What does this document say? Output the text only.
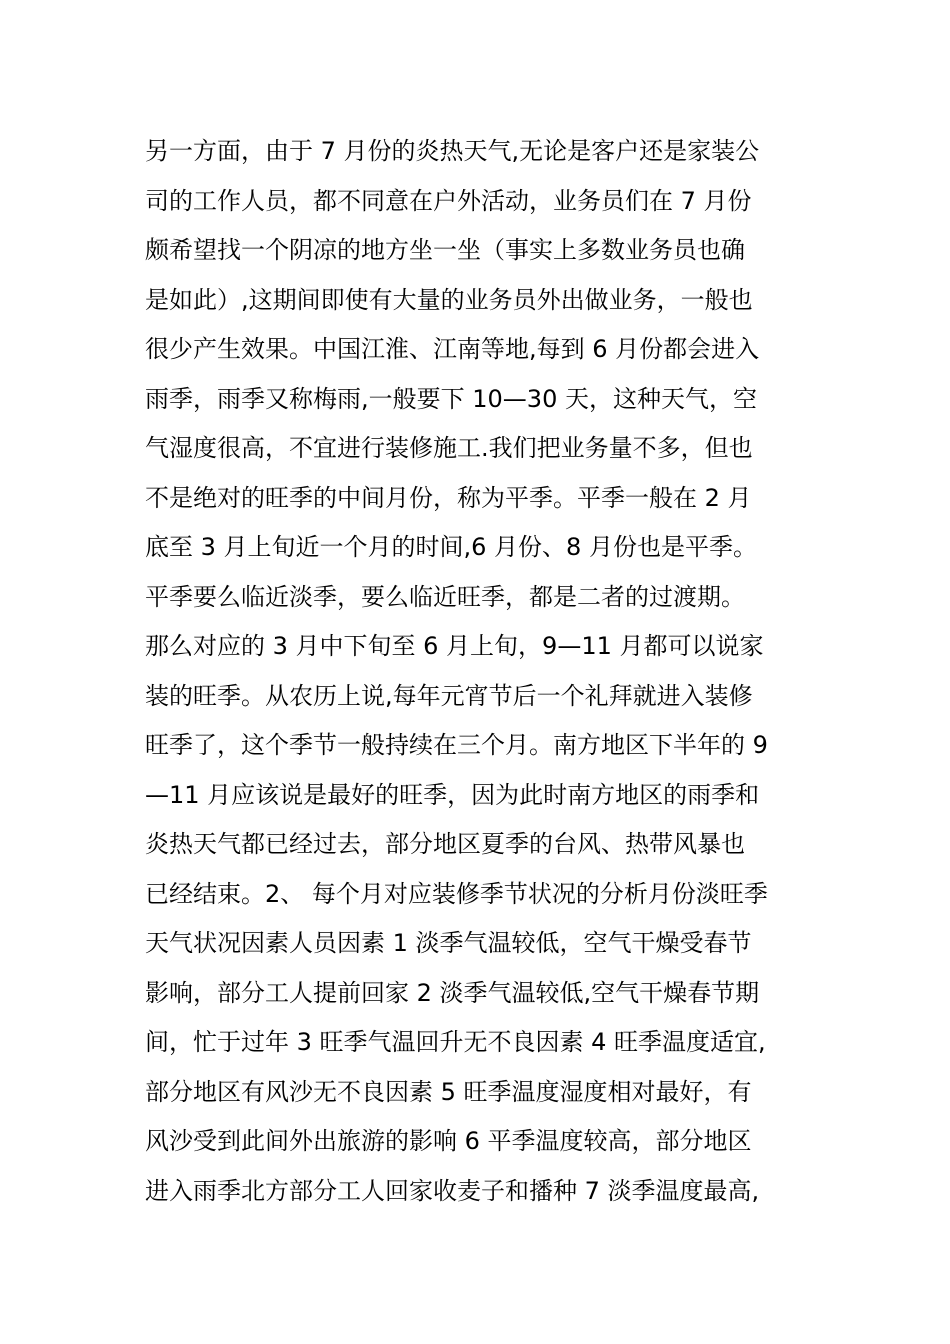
另一方面，由于 7 月份的炎热天气,无论是客户还是家装公
司的工作人员，都不同意在户外活动，业务员们在 7 月份
颇希望找一个阴凉的地方坐一坐（事实上多数业务员也确
是如此）,这期间即使有大量的业务员外出做业务，一般也
很少产生效果。中国江淮、江南等地,每到 6 月份都会进入
雨季，雨季又称梅雨,一般要下 10—30 天，这种天气，空
气湿度很高，不宜进行装修施工.我们把业务量不多，但也
不是绝对的旺季的中间月份，称为平季。平季一般在 2 月
底至 3 月上旬近一个月的时间,6 月份、8 月份也是平季。
平季要么临近淡季，要么临近旺季，都是二者的过渡期。
那么对应的 3 月中下旬至 6 月上旬，9—11 月都可以说家
装的旺季。从农历上说,每年元宵节后一个礼拜就进入装修
旺季了，这个季节一般持续在三个月。南方地区下半年的 9
—11 月应该说是最好的旺季，因为此时南方地区的雨季和
炎热天气都已经过去，部分地区夏季的台风、热带风暴也
已经结束。2、 每个月对应装修季节状况的分析月份淡旺季
天气状况因素人员因素 1 淡季气温较低，空气干燥受春节
影响，部分工人提前回家 2 淡季气温较低,空气干燥春节期
间，忙于过年 3 旺季气温回升无不良因素 4 旺季温度适宜,
部分地区有风沙无不良因素 5 旺季温度湿度相对最好，有
风沙受到此间外出旅游的影响 6 平季温度较高，部分地区
进入雨季北方部分工人回家收麦子和播种 7 淡季温度最高,
